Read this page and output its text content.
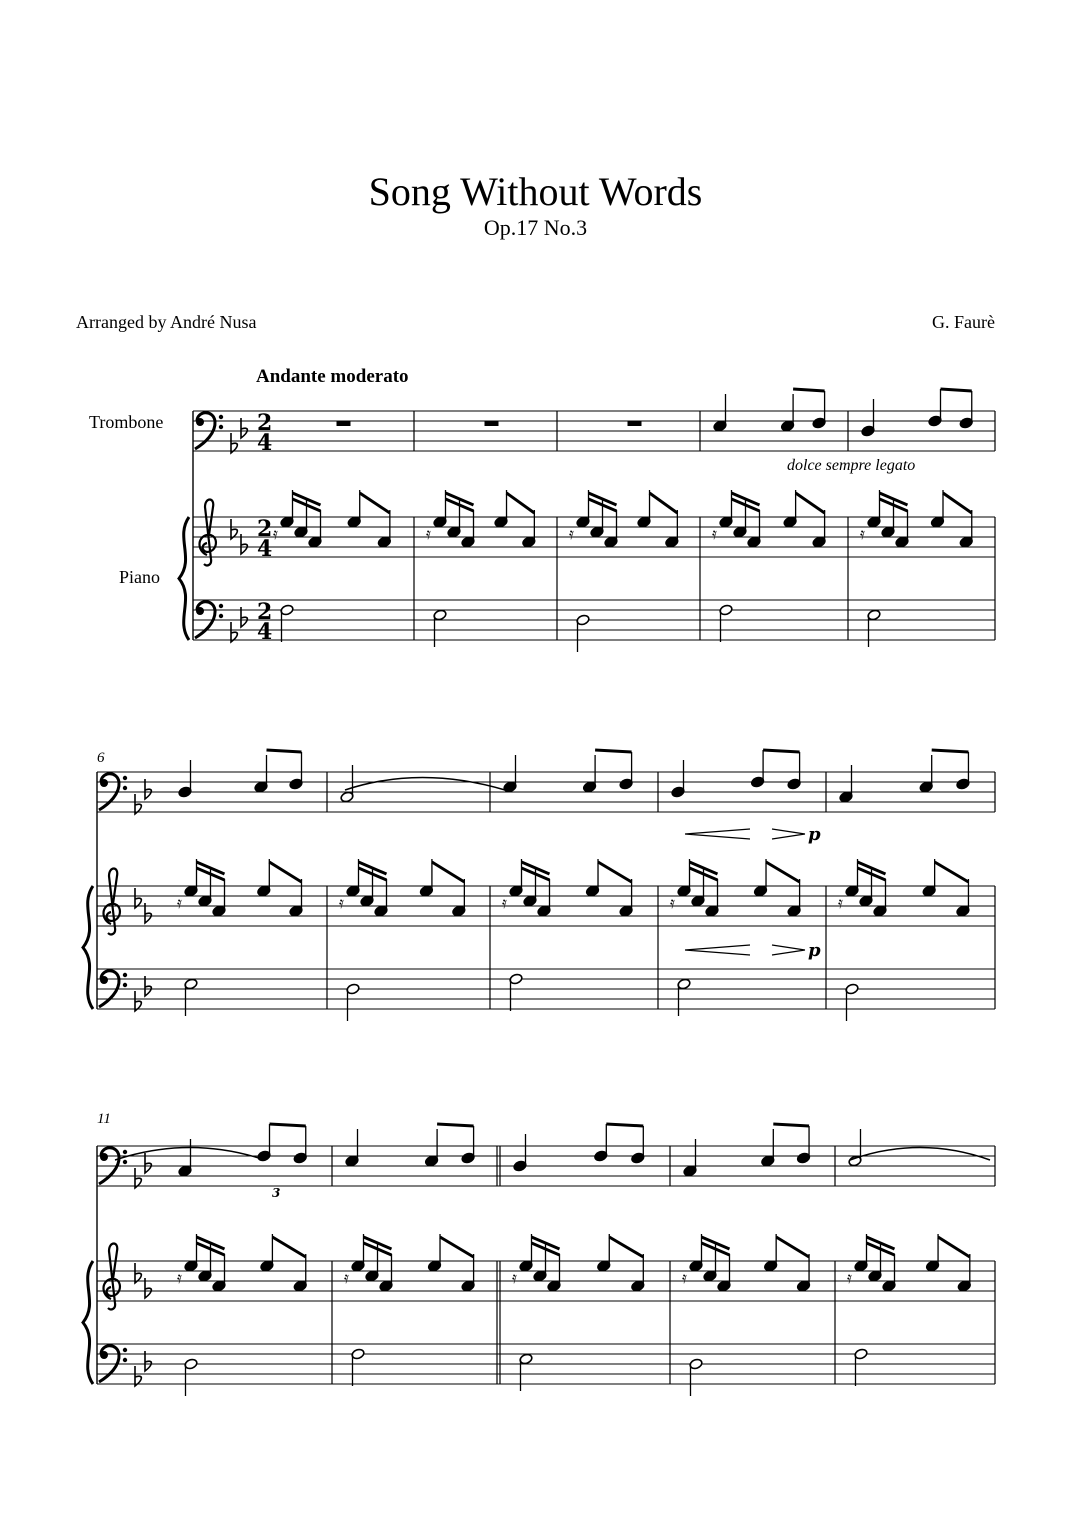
Song Without Words
Op.17 No.3
Arranged by André Nusa	G. Faurè
Andante moderato
Trombone
Piano
dolce sempre legato
6
11
2
4
2
4
2
4
𝄿	𝄿	𝄿	𝄿	𝄿
𝄿	𝄿	𝄿	𝄿	𝄿
𝄿	𝄿	𝄿	𝄿	𝄿
p
p
3
